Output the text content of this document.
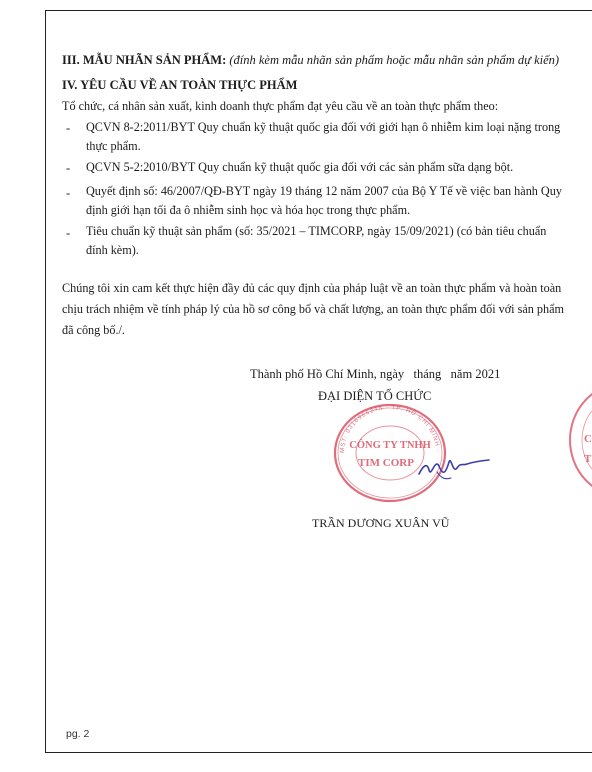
III. MẪU NHÃN SẢN PHẨM: (đính kèm mẫu nhãn sản phẩm hoặc mẫu nhãn sản phẩm dự kiến)
IV. YÊU CẦU VỀ AN TOÀN THỰC PHẨM
Tổ chức, cá nhân sản xuất, kinh doanh thực phẩm đạt yêu cầu về an toàn thực phẩm theo:
- QCVN 8-2:2011/BYT Quy chuẩn kỹ thuật quốc gia đối với giới hạn ô nhiễm kim loại nặng trong
thực phẩm.
- QCVN 5-2:2010/BYT Quy chuẩn kỹ thuật quốc gia đối với các sản phẩm sữa dạng bột.
- Quyết định số: 46/2007/QĐ-BYT ngày 19 tháng 12 năm 2007 của Bộ Y Tế về việc ban hành Quy
định giới hạn tối đa ô nhiễm sinh học và hóa học trong thực phẩm.
- Tiêu chuẩn kỹ thuật sản phẩm (số: 35/2021 – TIMCORP, ngày 15/09/2021) (có bản tiêu chuẩn
đính kèm).
Chúng tôi xin cam kết thực hiện đầy đủ các quy định của pháp luật về an toàn thực phẩm và hoàn toàn
chịu trách nhiệm về tính pháp lý của hồ sơ công bố và chất lượng, an toàn thực phẩm đối với sản phẩm
đã công bố./.
Thành phố Hồ Chí Minh, ngày   tháng   năm 2021
ĐẠI DIỆN TỔ CHỨC
MST: 0316966345 · TP. HỒ CHÍ MINH ·
CÔNG TY TNHH
TIM CORP
TRẦN DƯƠNG XUÂN VŨ
C
T
pg. 2
